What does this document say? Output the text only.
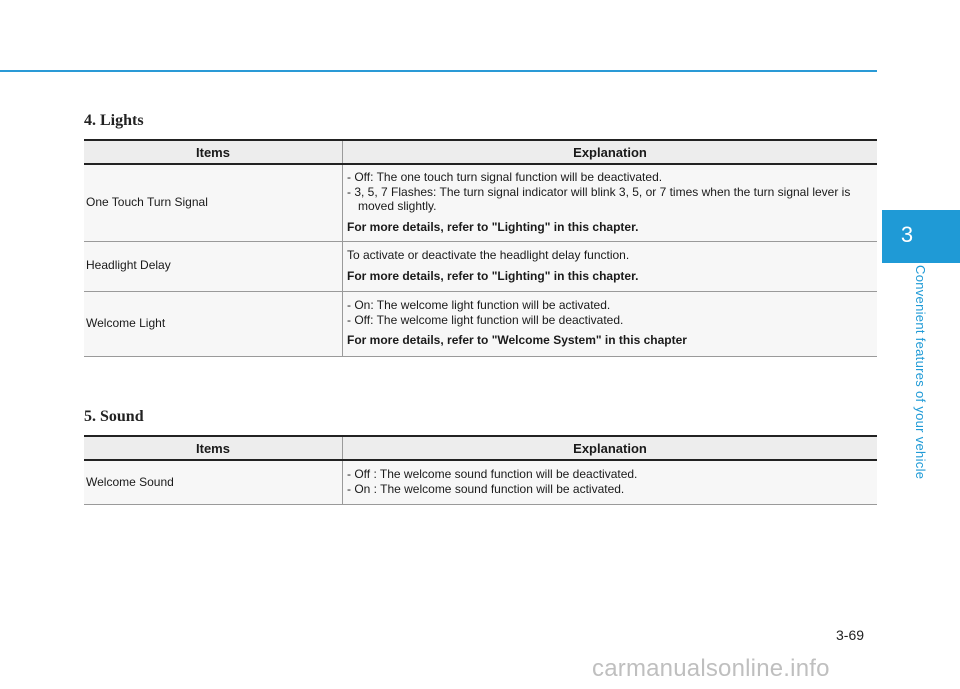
4. Lights
Items	Explanation
One Touch Turn Signal	- Off: The one touch turn signal function will be deactivated.
- 3, 5, 7 Flashes: The turn signal indicator will blink 3, 5, or 7 times when the turn signal lever is
moved slightly.
For more details, refer to "Lighting" in this chapter.

Headlight Delay	To activate or deactivate the headlight delay function.
For more details, refer to "Lighting" in this chapter.

Welcome Light	- On: The welcome light function will be activated.
- Off: The welcome light function will be deactivated.
For more details, refer to "Welcome System" in this chapter
5. Sound
Items	Explanation
Welcome Sound	- Off : The welcome sound function will be deactivated.
- On : The welcome sound function will be activated.
3
Convenient features of your vehicle
3-69
carmanualsonline.info
